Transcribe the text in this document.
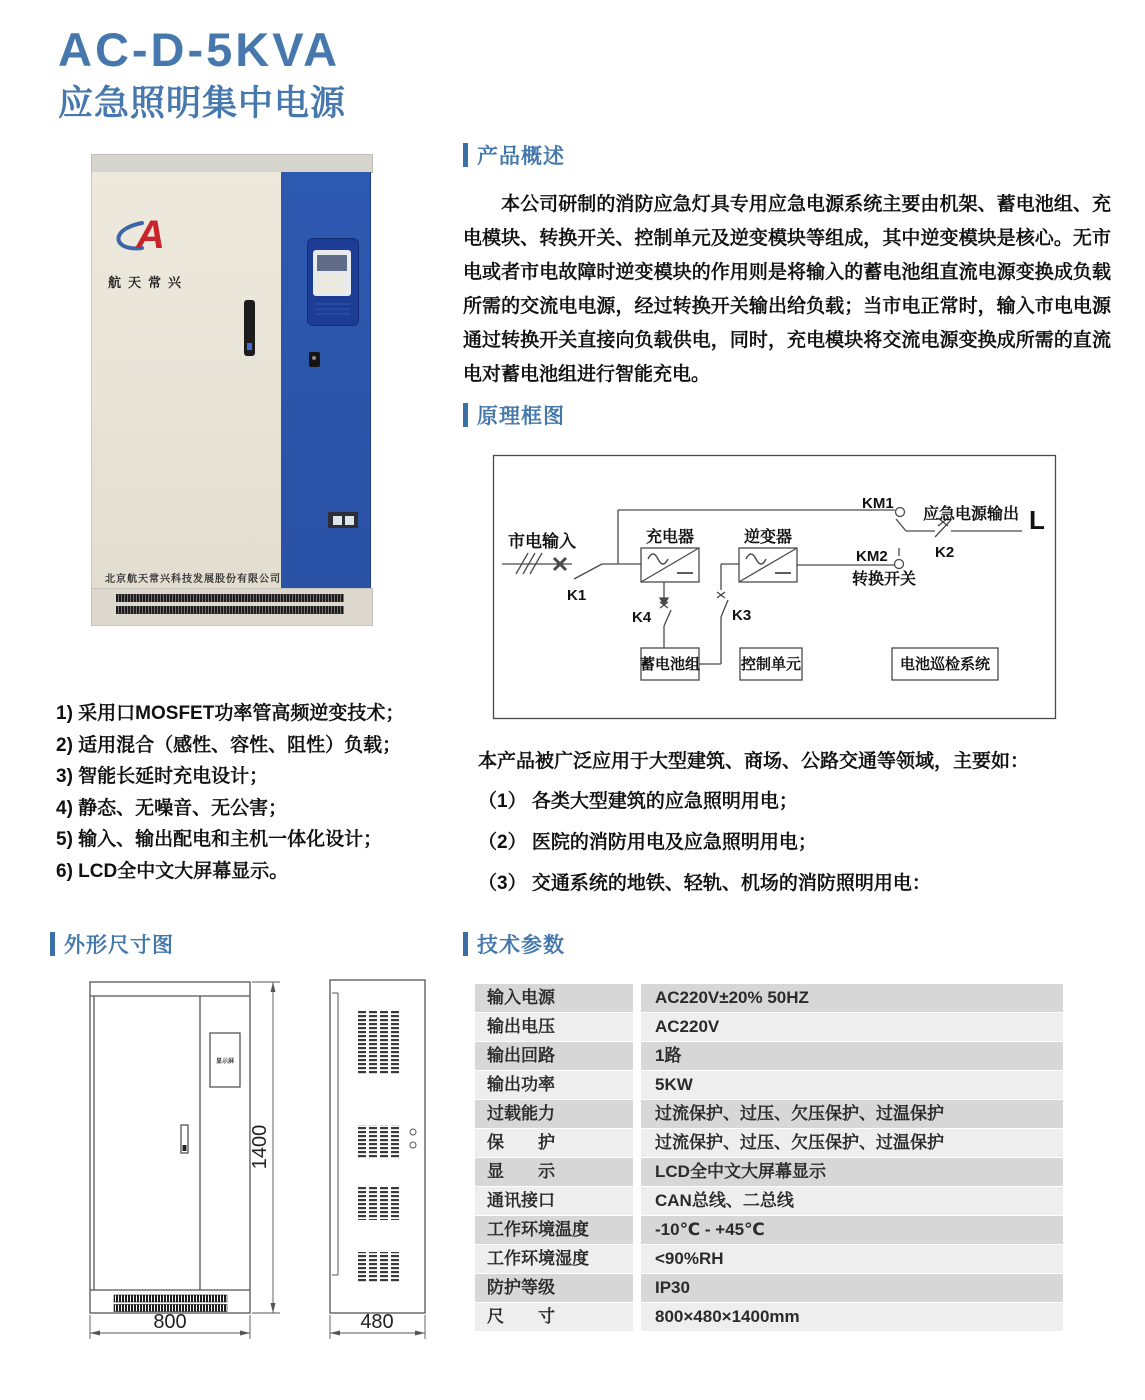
AC-D-5KVA
应急照明集中电源
A
航天常兴
北京航天常兴科技发展股份有限公司
产品概述
本公司研制的消防应急灯具专用应急电源系统主要由机架、蓄电池组、充电模块、转换开关、控制单元及逆变模块等组成，其中逆变模块是核心。无市电或者市电故障时逆变模块的作用则是将输入的蓄电池组直流电源变换成负载所需的交流电电源，经过转换开关输出给负载；当市电正常时，输入市电电源通过转换开关直接向负载供电，同时，充电模块将交流电源变换成所需的直流电对蓄电池组进行智能充电。
原理框图
市电输入
K1
充电器	逆变器
K4	K3
KM1
KM2
转换开关
应急电源输出
K2
L
蓄电池组	控制单元	电池巡检系统
1) 采用口MOSFET功率管高频逆变技术；
2) 适用混合（感性、容性、阻性）负载；
3) 智能长延时充电设计；
4) 静态、无噪音、无公害；
5) 输入、输出配电和主机一体化设计；
6) LCD全中文大屏幕显示。
本产品被广泛应用于大型建筑、商场、公路交通等领域，主要如：
（1） 各类大型建筑的应急照明用电；
（2） 医院的消防用电及应急照明用电；
（3） 交通系统的地铁、轻轨、机场的消防照明用电：
外形尺寸图
显示屏
800	480
1400
技术参数
输入电源	AC220V±20% 50HZ
输出电压	AC220V
输出回路	1路
输出功率	5KW
过载能力	过流保护、过压、欠压保护、过温保护
保　　护	过流保护、过压、欠压保护、过温保护
显　　示	LCD全中文大屏幕显示
通讯接口	CAN总线、二总线
工作环境温度	-10℃ - +45℃
工作环境湿度	<90%RH
防护等级	IP30
尺　　寸	800×480×1400mm
